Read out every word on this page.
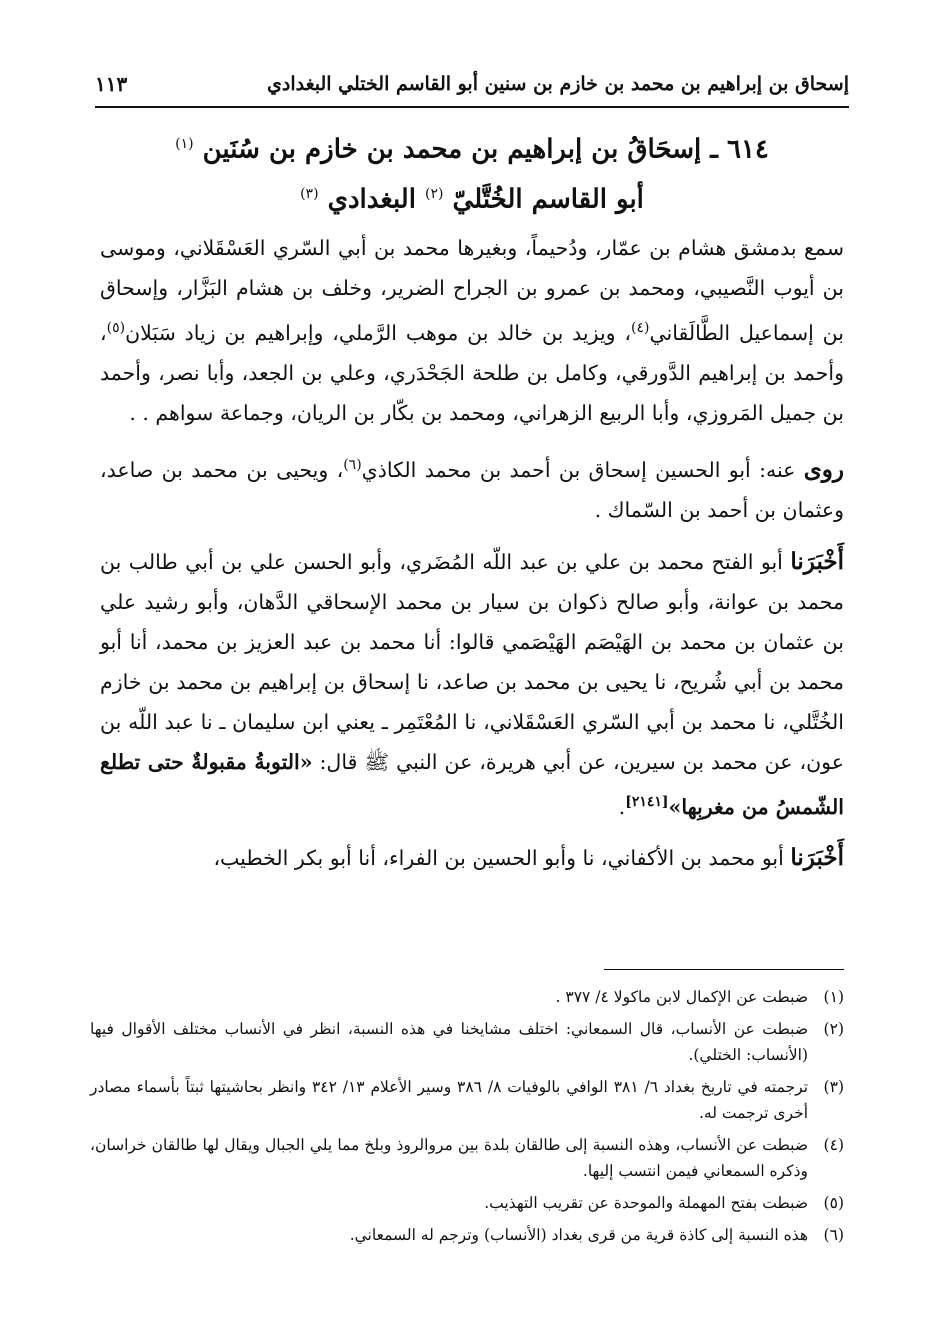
إسحاق بن إبراهيم بن محمد بن خازم بن سنين أبو القاسم الختلي البغدادي
١١٣
٦١٤ ـ إسحَاقُ بن إبراهيم بن محمد بن خازم بن سُنَين $^{(١)}$
أبو القاسم الخُتَّليّ $^{(٢)}$ البغدادي $^{(٣)}$

سمع بدمشق هشام بن عمّار، ودُحيماً، وبغيرها محمد بن أبي السّري العَسْقَلاني، وموسى بن أيوب النَّصيبي، ومحمد بن عمرو بن الجراح الضرير، وخلف بن هشام البَزَّار، وإسحاق بن إسماعيل الطَّالَقاني$^{(٤)}$، ويزيد بن خالد بن موهب الرَّملي، وإبراهيم بن زياد سَبَلان$^{(٥)}$، وأحمد بن إبراهيم الدَّورقي، وكامل بن طلحة الجَحْدَري، وعلي بن الجعد، وأبا نصر، وأحمد بن جميل المَروزي، وأبا الربيع الزهراني، ومحمد بن بكّار بن الريان، وجماعة سواهم . .

روى عنه: أبو الحسين إسحاق بن أحمد بن محمد الكاذي$^{(٦)}$، ويحيى بن محمد بن صاعد، وعثمان بن أحمد بن السّماك .

أَخْبَرَنا أبو الفتح محمد بن علي بن عبد اللّه المُضَري، وأبو الحسن علي بن أبي طالب بن محمد بن عوانة، وأبو صالح ذكوان بن سيار بن محمد الإسحاقي الدَّهان، وأبو رشيد علي بن عثمان بن محمد بن الهَيْصَم الهَيْصَمي قالوا: أنا محمد بن عبد العزيز بن محمد، أنا أبو محمد بن أبي شُريح، نا يحيى بن محمد بن صاعد، نا إسحاق بن إبراهيم بن محمد بن خازم الخُتَّلي، نا محمد بن أبي السّري العَسْقَلاني، نا المُعْتَمِر ـ يعني ابن سليمان ـ نا عبد اللّه بن عون، عن محمد بن سيرين، عن أبي هريرة، عن النبي ﷺ قال: «التوبةُ مقبولةٌ حتى تطلع الشّمسُ من مغربِها»[٢١٤١].

أَخْبَرَنا أبو محمد بن الأكفاني، نا وأبو الحسين بن الفراء، أنا أبو بكر الخطيب،

(١)
ضبطت عن الإكمال لابن ماكولا ٤/ ٣٧٧ .
(٢)
ضبطت عن الأنساب، قال السمعاني: اختلف مشايخنا في هذه النسبة، انظر في الأنساب مختلف الأقوال فيها (الأنساب: الختلي).
(٣)
ترجمته في تاريخ بغداد ٦/ ٣٨١ الوافي بالوفيات ٨/ ٣٨٦ وسير الأعلام ١٣/ ٣٤٢ وانظر بحاشيتها ثبتاً بأسماء مصادر أخرى ترجمت له.
(٤)
ضبطت عن الأنساب، وهذه النسبة إلى طالقان بلدة بين مروالروذ وبلخ مما يلي الجبال ويقال لها طالقان خراسان، وذكره السمعاني فيمن انتسب إليها.
(٥)
ضبطت بفتح المهملة والموحدة عن تقريب التهذيب.
(٦)
هذه النسبة إلى كاذة قرية من قرى بغداد (الأنساب) وترجم له السمعاني.
